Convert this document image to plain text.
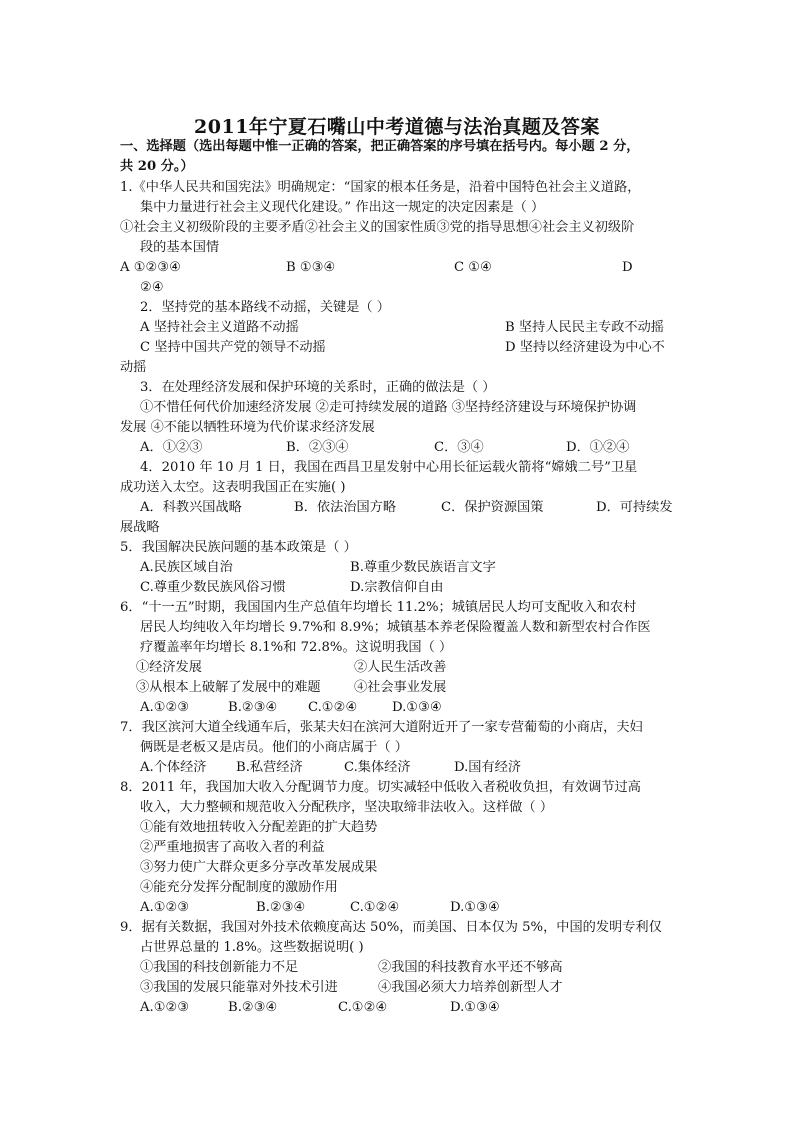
2011年宁夏石嘴山中考道德与法治真题及答案
一、选择题（选出每题中惟一正确的答案，把正确答案的序号填在括号内。每小题 2 分，
共 20 分。）
1.《中华人民共和国宪法》明确规定：“国家的根本任务是，沿着中国特色社会主义道路，
集中力量进行社会主义现代化建设。” 作出这一规定的决定因素是（ ）
①社会主义初级阶段的主要矛盾②社会主义的国家性质③党的指导思想④社会主义初级阶
段的基本国情
A ①②③④	B ①③④	C ①④	D
②④
2．坚持党的基本路线不动摇，关键是（ ）
A 坚持社会主义道路不动摇	B 坚持人民民主专政不动摇
C 坚持中国共产党的领导不动摇	D 坚持以经济建设为中心不
动摇
3．在处理经济发展和保护环境的关系时，正确的做法是（ ）
①不惜任何代价加速经济发展 ②走可持续发展的道路 ③坚持经济建设与环境保护协调
发展 ④不能以牺牲环境为代价谋求经济发展
A．①②③	B．②③④	C．③④	D．①②④
4．2010 年 10 月 1 日，我国在西昌卫星发射中心用长征运载火箭将“嫦娥二号”卫星
成功送入太空。这表明我国正在实施( )
A．科教兴国战略	B．依法治国方略	C．保护资源国策	D．可持续发
展战略
5．我国解决民族问题的基本政策是（ ）
A.民族区域自治	B.尊重少数民族语言文字
C.尊重少数民族风俗习惯	D.宗教信仰自由
6．“十一五”时期，我国国内生产总值年均增长 11.2%；城镇居民人均可支配收入和农村
居民人均纯收入年均增长 9.7%和 8.9%；城镇基本养老保险覆盖人数和新型农村合作医
疗覆盖率年均增长 8.1%和 72.8%。这说明我国（ ）
①经济发展	②人民生活改善
③从根本上破解了发展中的难题	④社会事业发展
A.①②③	B.②③④ C.①②④	D.①③④
7．我区滨河大道全线通车后，张某夫妇在滨河大道附近开了一家专营葡萄的小商店，夫妇
俩既是老板又是店员。他们的小商店属于（ ）
A.个体经济 B.私营经济	C.集体经济	D.国有经济
8．2011 年，我国加大收入分配调节力度。切实减轻中低收入者税收负担，有效调节过高
收入，大力整顿和规范收入分配秩序，坚决取缔非法收入。这样做（ ）
①能有效地扭转收入分配差距的扩大趋势
②严重地损害了高收入者的利益
③努力使广大群众更多分享改革发展成果
④能充分发挥分配制度的激励作用
A.①②③	B.②③④	C.①②④	D.①③④
9．据有关数据，我国对外技术依赖度高达 50%，而美国、日本仅为 5%，中国的发明专利仅
占世界总量的 1.8%。这些数据说明( )
①我国的科技创新能力不足	②我国的科技教育水平还不够高
③我国的发展只能靠对外技术引进	④我国必须大力培养创新型人才
A.①②③	B.②③④	C.①②④	D.①③④
